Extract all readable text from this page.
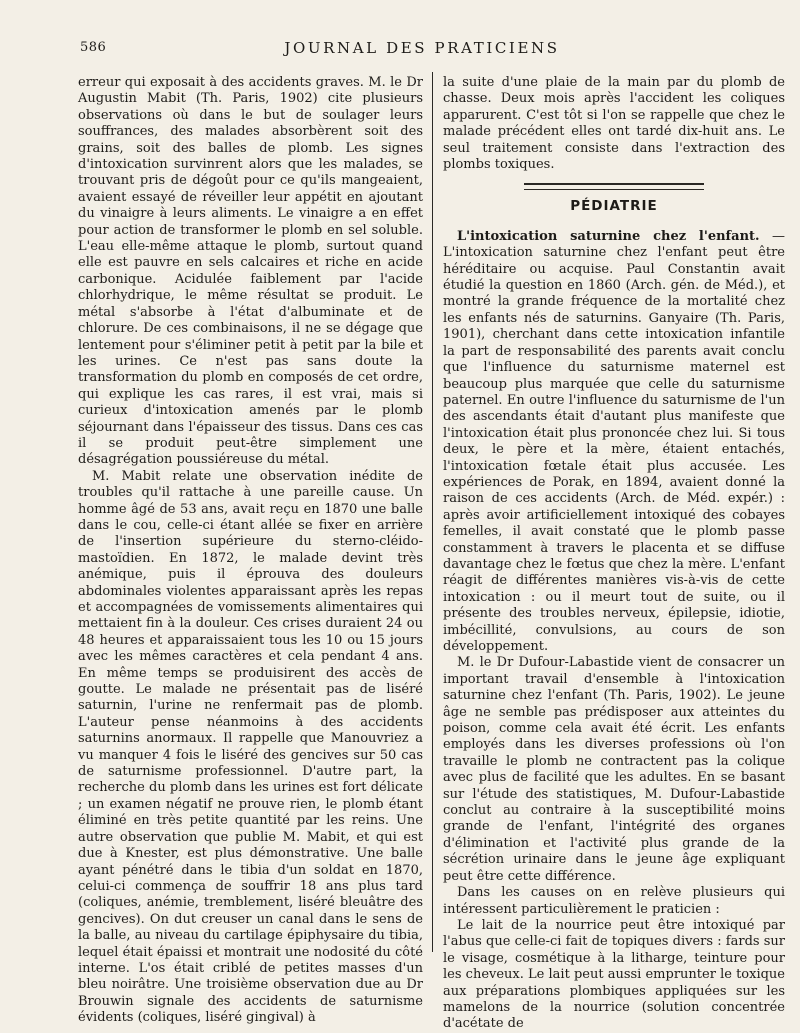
586	JOURNAL DES PRATICIENS

erreur qui exposait à des accidents graves. M. le Dr Augustin Mabit (Th. Paris, 1902) cite plusieurs observations où dans le but de soulager leurs souffrances, des malades absorbèrent soit des grains, soit des balles de plomb. Les signes d'intoxication survinrent alors que les malades, se trouvant pris de dégoût pour ce qu'ils mangeaient, avaient essayé de réveiller leur appétit en ajoutant du vinaigre à leurs aliments. Le vinaigre a en effet pour action de transformer le plomb en sel soluble. L'eau elle-même attaque le plomb, surtout quand elle est pauvre en sels calcaires et riche en acide carbonique. Acidulée faiblement par l'acide chlorhydrique, le même résultat se produit. Le métal s'absorbe à l'état d'albuminate et de chlorure. De ces combinaisons, il ne se dégage que lentement pour s'éliminer petit à petit par la bile et les urines. Ce n'est pas sans doute la transformation du plomb en composés de cet ordre, qui explique les cas rares, il est vrai, mais si curieux d'intoxication amenés par le plomb séjournant dans l'épaisseur des tissus. Dans ces cas il se produit peut-être simplement une désagrégation poussiéreuse du métal.

M. Mabit relate une observation inédite de troubles qu'il rattache à une pareille cause. Un homme âgé de 53 ans, avait reçu en 1870 une balle dans le cou, celle-ci étant allée se fixer en arrière de l'insertion supérieure du sterno-cléido-mastoïdien. En 1872, le malade devint très anémique, puis il éprouva des douleurs abdominales violentes apparaissant après les repas et accompagnées de vomissements alimentaires qui mettaient fin à la douleur. Ces crises duraient 24 ou 48 heures et apparaissaient tous les 10 ou 15 jours avec les mêmes caractères et cela pendant 4 ans. En même temps se produisirent des accès de goutte. Le malade ne présentait pas de liséré saturnin, l'urine ne renfermait pas de plomb. L'auteur pense néanmoins à des accidents saturnins anormaux. Il rappelle que Manouvriez a vu manquer 4 fois le liséré des gencives sur 50 cas de saturnisme professionnel. D'autre part, la recherche du plomb dans les urines est fort délicate ; un examen négatif ne prouve rien, le plomb étant éliminé en très petite quantité par les reins. Une autre observation que publie M. Mabit, et qui est due à Knester, est plus démonstrative. Une balle ayant pénétré dans le tibia d'un soldat en 1870, celui-ci commença de souffrir 18 ans plus tard (coliques, anémie, tremblement, liséré bleuâtre des gencives). On dut creuser un canal dans le sens de la balle, au niveau du cartilage épiphysaire du tibia, lequel était épaissi et montrait une nodosité du côté interne. L'os était criblé de petites masses d'un bleu noirâtre. Une troisième observation due au Dr Brouwin signale des accidents de saturnisme évidents (coliques, liséré gingival) à

la suite d'une plaie de la main par du plomb de chasse. Deux mois après l'accident les coliques apparurent. C'est tôt si l'on se rappelle que chez le malade précédent elles ont tardé dix-huit ans. Le seul traitement consiste dans l'extraction des plombs toxiques.

PÉDIATRIE

L'intoxication saturnine chez l'enfant. — L'intoxication saturnine chez l'enfant peut être héréditaire ou acquise. Paul Constantin avait étudié la question en 1860 (Arch. gén. de Méd.), et montré la grande fréquence de la mortalité chez les enfants nés de saturnins. Ganyaire (Th. Paris, 1901), cherchant dans cette intoxication infantile la part de responsabilité des parents avait conclu que l'influence du saturnisme maternel est beaucoup plus marquée que celle du saturnisme paternel. En outre l'influence du saturnisme de l'un des ascendants était d'autant plus manifeste que l'intoxication était plus prononcée chez lui. Si tous deux, le père et la mère, étaient entachés, l'intoxication fœtale était plus accusée. Les expériences de Porak, en 1894, avaient donné la raison de ces accidents (Arch. de Méd. expér.) : après avoir artificiellement intoxiqué des cobayes femelles, il avait constaté que le plomb passe constamment à travers le placenta et se diffuse davantage chez le fœtus que chez la mère. L'enfant réagit de différentes manières vis-à-vis de cette intoxication : ou il meurt tout de suite, ou il présente des troubles nerveux, épilepsie, idiotie, imbécillité, convulsions, au cours de son développement.

M. le Dr Dufour-Labastide vient de consacrer un important travail d'ensemble à l'intoxication saturnine chez l'enfant (Th. Paris, 1902). Le jeune âge ne semble pas prédisposer aux atteintes du poison, comme cela avait été écrit. Les enfants employés dans les diverses professions où l'on travaille le plomb ne contractent pas la colique avec plus de facilité que les adultes. En se basant sur l'étude des statistiques, M. Dufour-Labastide conclut au contraire à la susceptibilité moins grande de l'enfant, l'intégrité des organes d'élimination et l'activité plus grande de la sécrétion urinaire dans le jeune âge expliquant peut être cette différence.

Dans les causes on en relève plusieurs qui intéressent particulièrement le praticien :

Le lait de la nourrice peut être intoxiqué par l'abus que celle-ci fait de topiques divers : fards sur le visage, cosmétique à la litharge, teinture pour les cheveux. Le lait peut aussi emprunter le toxique aux préparations plombiques appliquées sur les mamelons de la nourrice (solution concentrée d'acétate de
